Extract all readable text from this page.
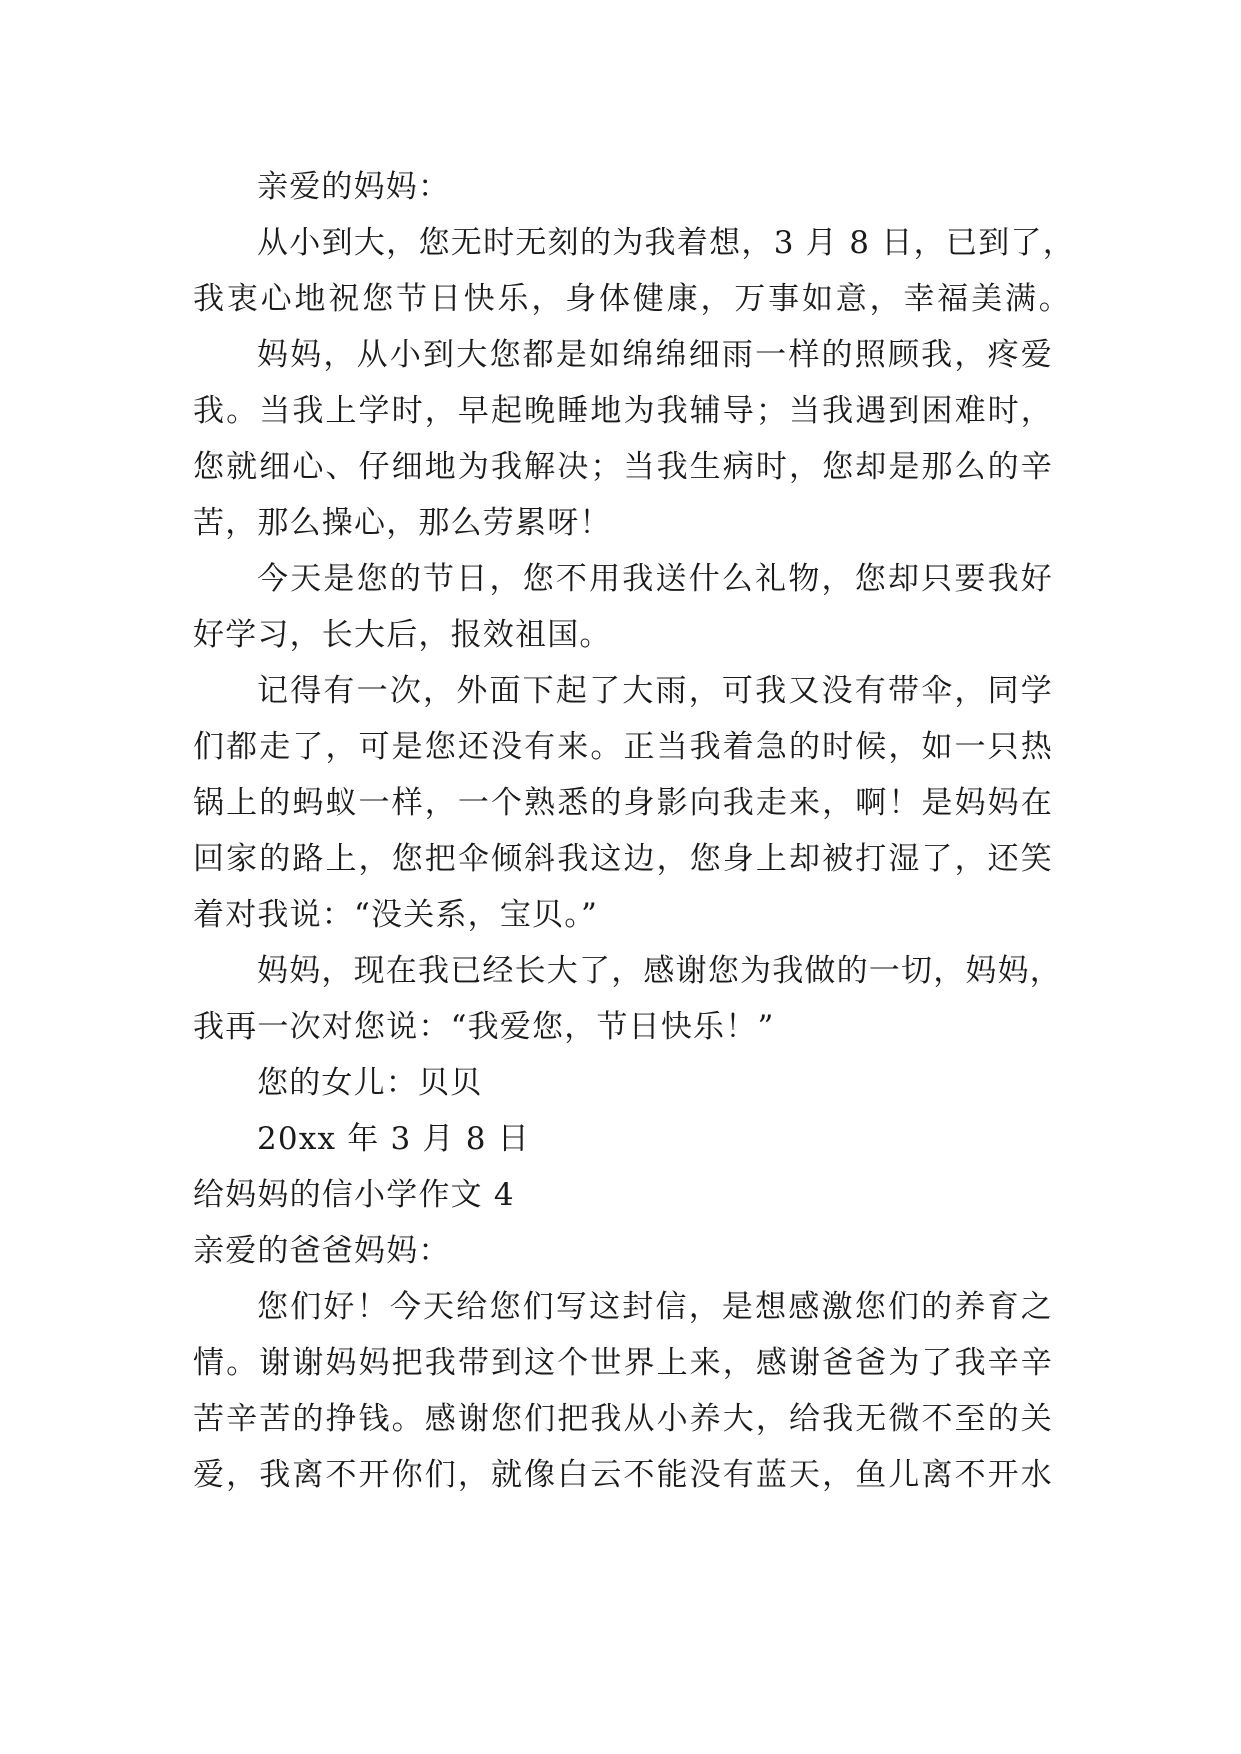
亲爱的妈妈：
从小到大，您无时无刻的为我着想，3 月 8 日，已到了，
我衷心地祝您节日快乐，身体健康，万事如意，幸福美满。
妈妈，从小到大您都是如绵绵细雨一样的照顾我，疼爱
我。当我上学时，早起晚睡地为我辅导；当我遇到困难时，
您就细心、仔细地为我解决；当我生病时，您却是那么的辛
苦，那么操心，那么劳累呀！
今天是您的节日，您不用我送什么礼物，您却只要我好
好学习，长大后，报效祖国。
记得有一次，外面下起了大雨，可我又没有带伞，同学
们都走了，可是您还没有来。正当我着急的时候，如一只热
锅上的蚂蚁一样，一个熟悉的身影向我走来，啊！是妈妈在
回家的路上，您把伞倾斜我这边，您身上却被打湿了，还笑
着对我说：“没关系，宝贝。”
妈妈，现在我已经长大了，感谢您为我做的一切，妈妈，
我再一次对您说：“我爱您，节日快乐！”
您的女儿：贝贝
20xx 年 3 月 8 日
给妈妈的信小学作文 4
亲爱的爸爸妈妈：
您们好！今天给您们写这封信，是想感激您们的养育之
情。谢谢妈妈把我带到这个世界上来，感谢爸爸为了我辛辛
苦辛苦的挣钱。感谢您们把我从小养大，给我无微不至的关
爱，我离不开你们，就像白云不能没有蓝天，鱼儿离不开水
